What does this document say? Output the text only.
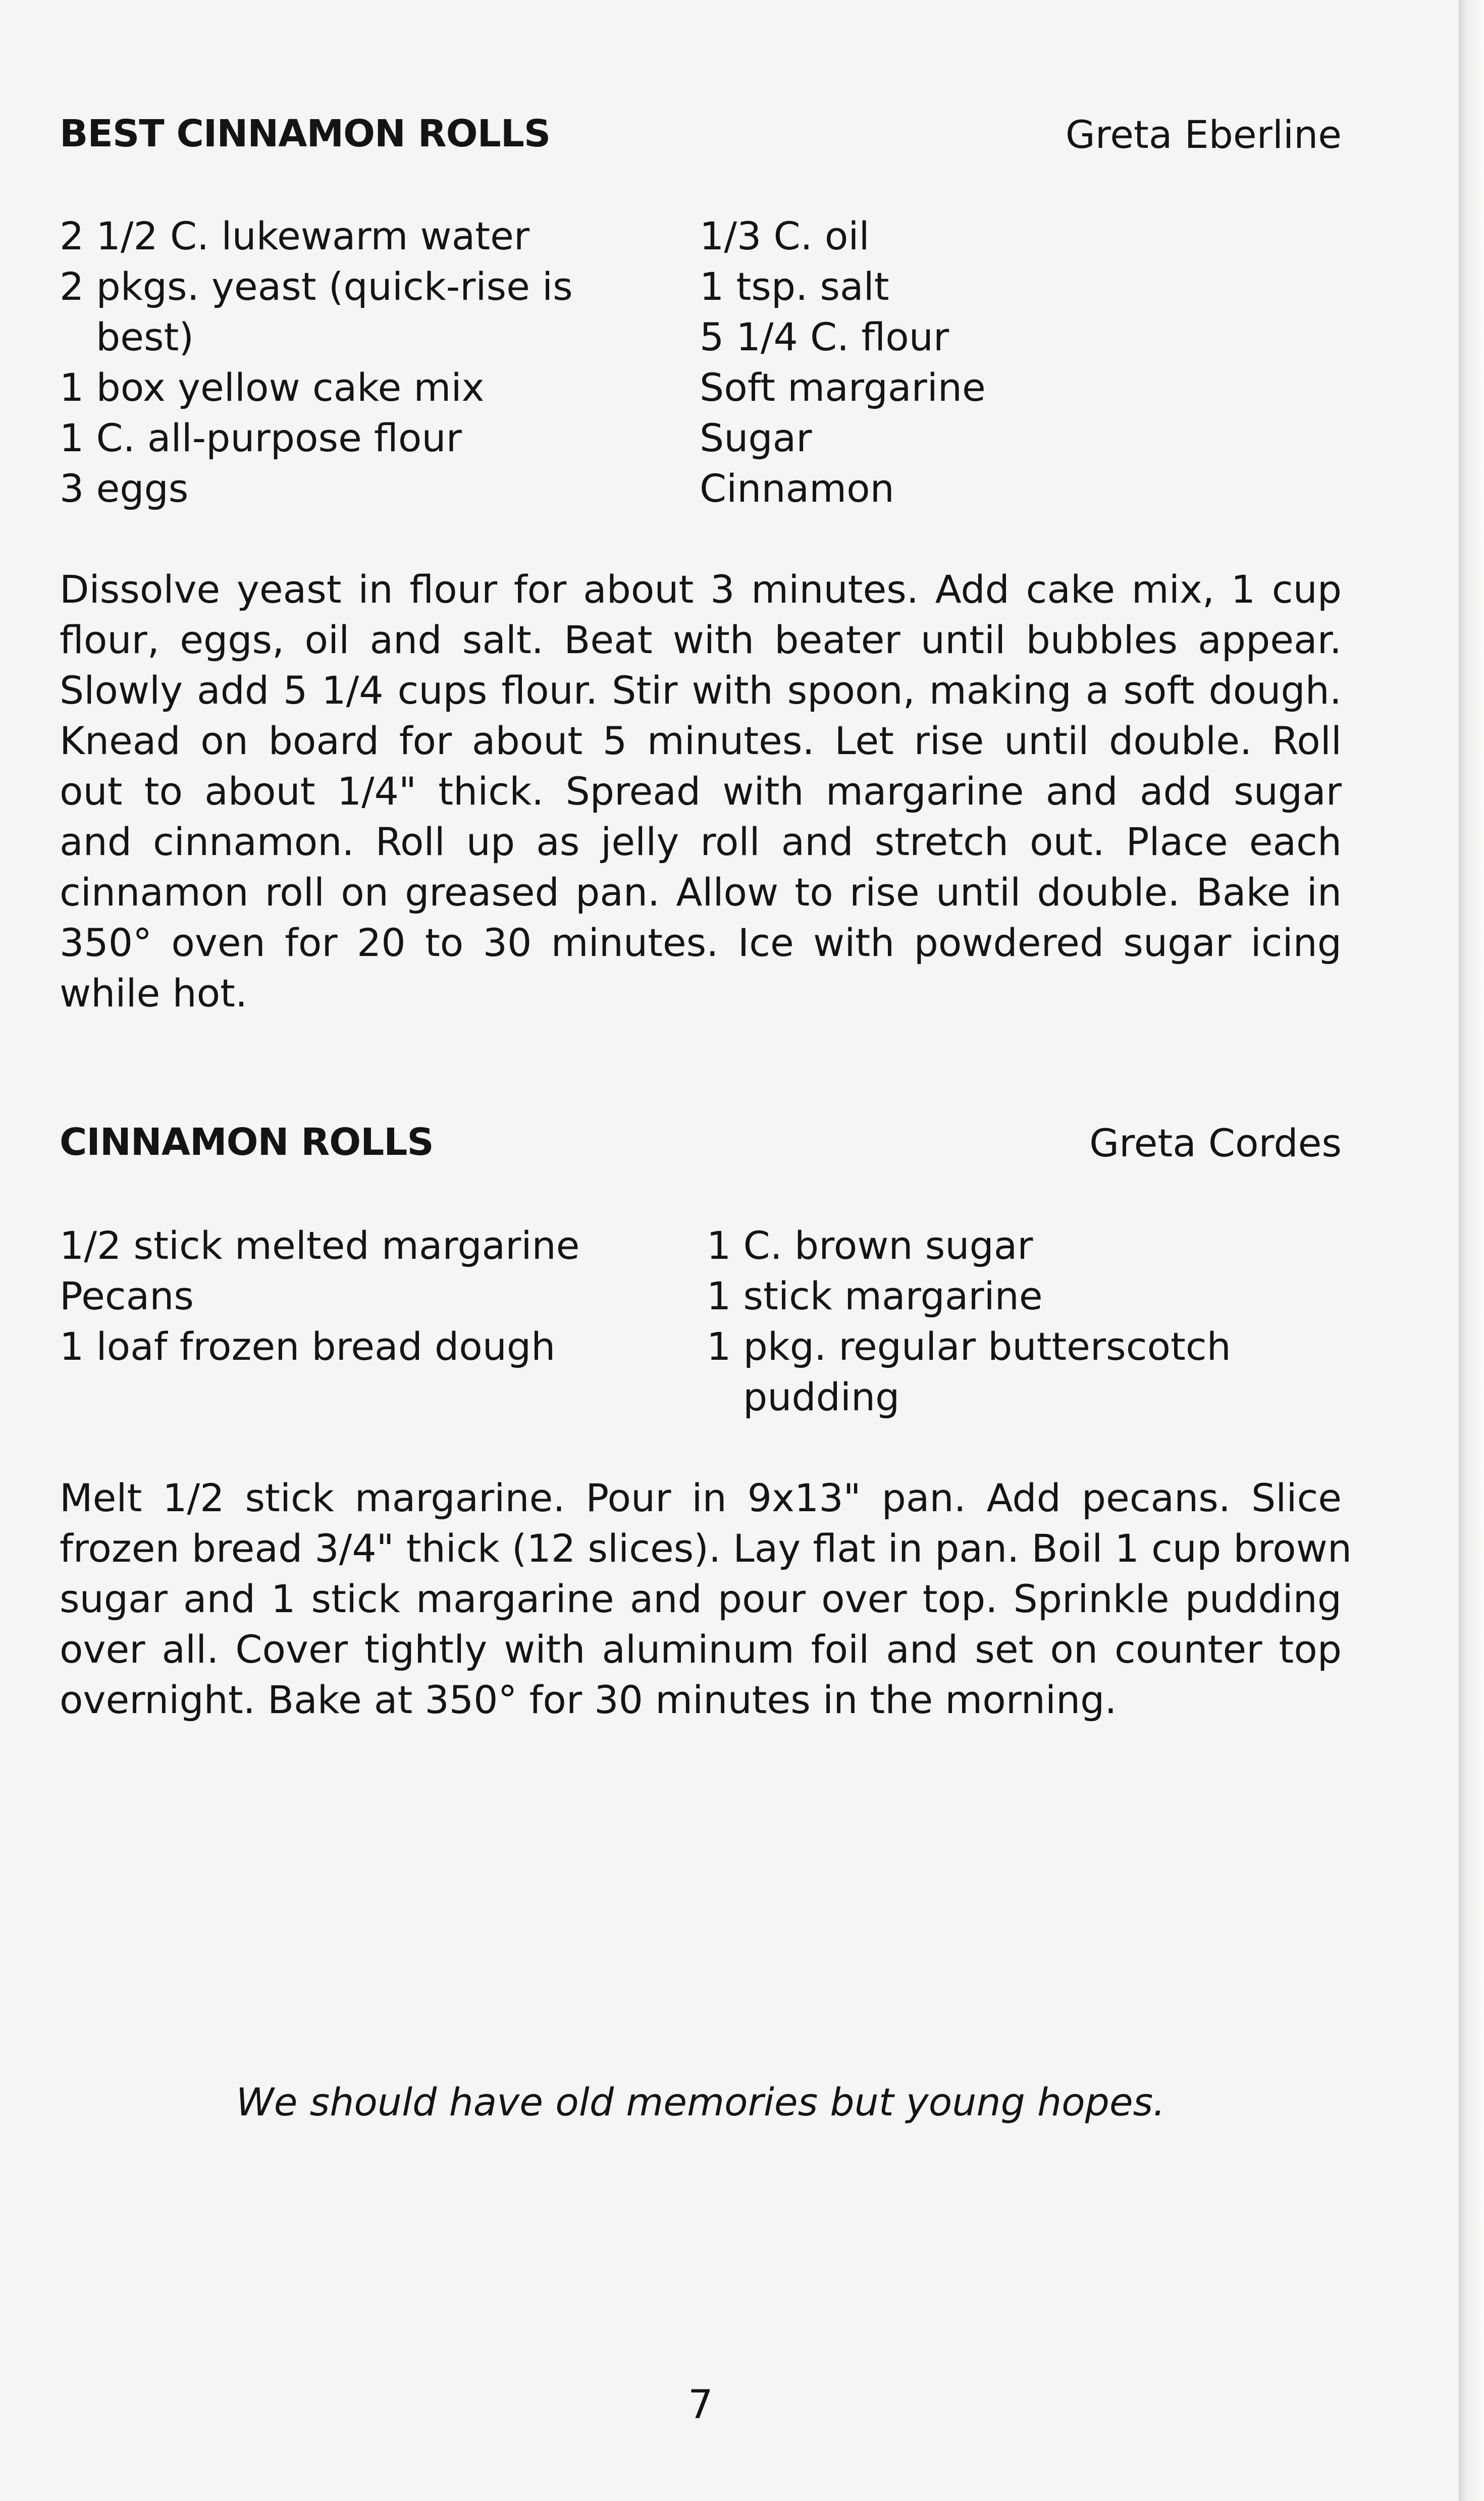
BEST CINNAMON ROLLS	Greta Eberline
2 1/2 C. lukewarm water
2 pkgs. yeast (quick-rise is
best)
1 box yellow cake mix
1 C. all-purpose flour
3 eggs
1/3 C. oil
1 tsp. salt
5 1/4 C. flour
Soft margarine
Sugar
Cinnamon
Dissolve yeast in flour for about 3 minutes. Add cake mix, 1 cup
flour, eggs, oil and salt. Beat with beater until bubbles appear.
Slowly add 5 1/4 cups flour. Stir with spoon, making a soft dough.
Knead on board for about 5 minutes. Let rise until double. Roll
out to about 1/4" thick. Spread with margarine and add sugar
and cinnamon. Roll up as jelly roll and stretch out. Place each
cinnamon roll on greased pan. Allow to rise until double. Bake in
350° oven for 20 to 30 minutes. Ice with powdered sugar icing
while hot.
CINNAMON ROLLS	Greta Cordes
1/2 stick melted margarine
Pecans
1 loaf frozen bread dough
1 C. brown sugar
1 stick margarine
1 pkg. regular butterscotch
pudding
Melt 1/2 stick margarine. Pour in 9x13" pan. Add pecans. Slice
frozen bread 3/4" thick (12 slices). Lay flat in pan. Boil 1 cup brown
sugar and 1 stick margarine and pour over top. Sprinkle pudding
over all. Cover tightly with aluminum foil and set on counter top
overnight. Bake at 350° for 30 minutes in the morning.
We should have old memories but young hopes.
7
